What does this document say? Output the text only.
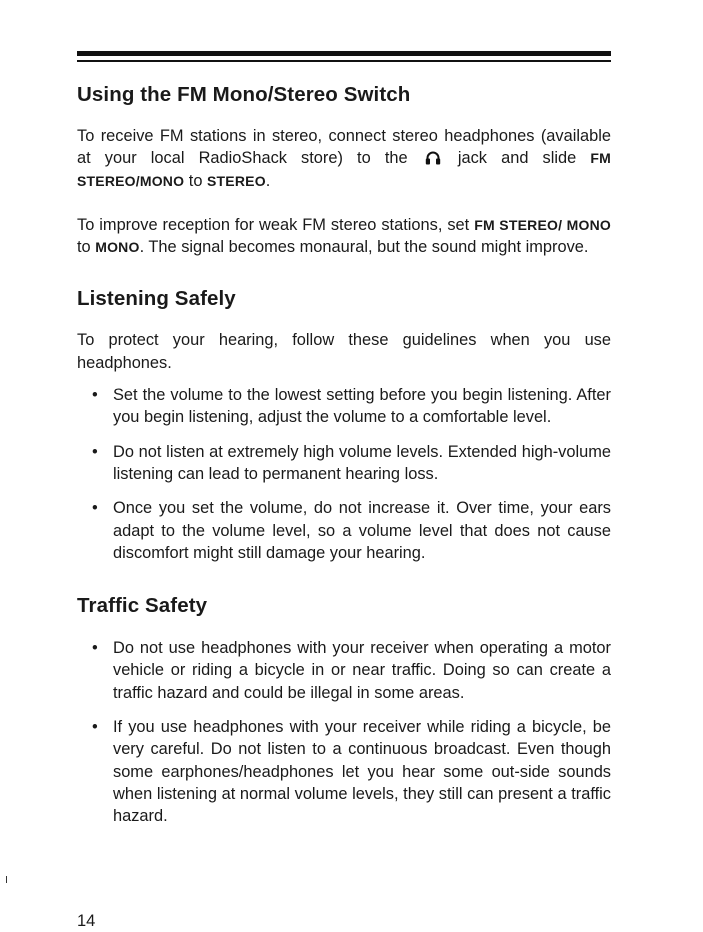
Using the FM Mono/Stereo Switch

To receive FM stations in stereo, connect stereo headphones (available at your local RadioShack store) to the	jack and slide FM STEREO/MONO to STEREO.

To improve reception for weak FM stereo stations, set FM STEREO/ MONO to MONO. The signal becomes monaural, but the sound might improve.

Listening Safely

To protect your hearing, follow these guidelines when you use headphones.

• Set the volume to the lowest setting before you begin listening. After you begin listening, adjust the volume to a comfortable level.
• Do not listen at extremely high volume levels. Extended high-volume listening can lead to permanent hearing loss.
• Once you set the volume, do not increase it. Over time, your ears adapt to the volume level, so a volume level that does not cause discomfort might still damage your hearing.
Traffic Safety
• Do not use headphones with your receiver when operating a motor vehicle or riding a bicycle in or near traffic. Doing so can create a traffic hazard and could be illegal in some areas.
• If you use headphones with your receiver while riding a bicycle, be very careful. Do not listen to a continuous broadcast. Even though some earphones/headphones let you hear some out-side sounds when listening at normal volume levels, they still can present a traffic hazard.
14
